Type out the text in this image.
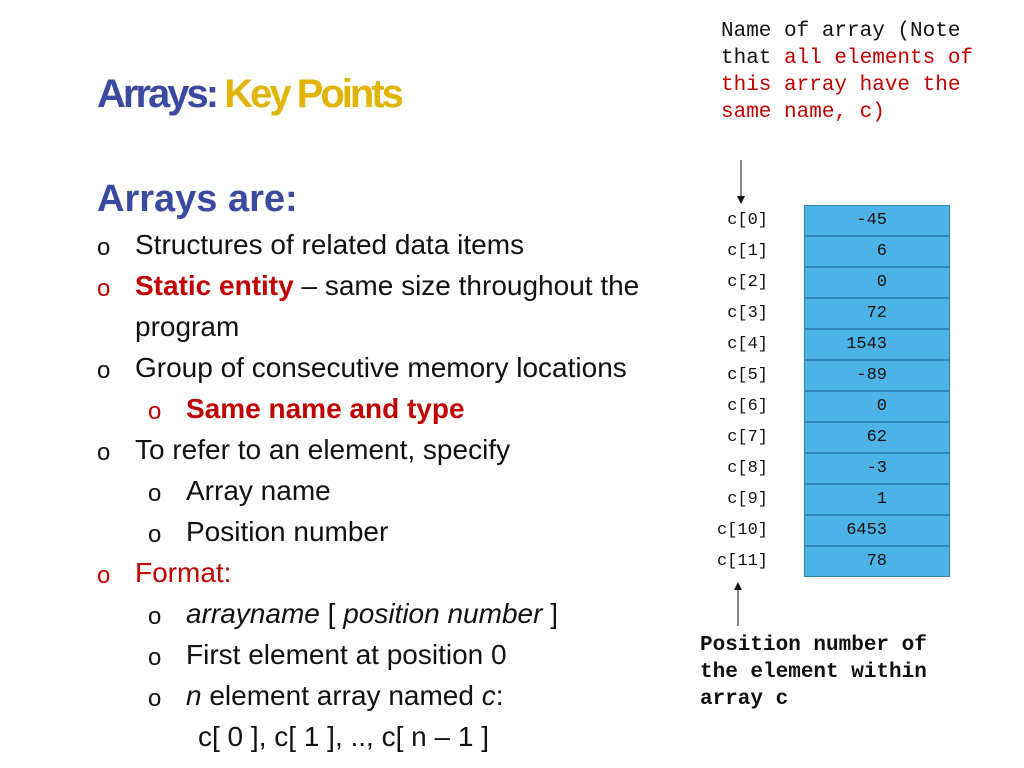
Arrays: Key Points
Arrays are:
o Structures of related data items
o Static entity – same size throughout the
program
o Group of consecutive memory locations
o Same name and type
o To refer to an element, specify
o Array name
o Position number
o Format:
o arrayname [ position number ]
o First element at position 0
o n element array named c:
c[ 0 ], c[ 1 ], .., c[ n – 1 ]
Name of array (Note
that all elements of
this array have the
same name, c)
c[0]
c[1]
c[2]
c[3]
c[4]
c[5]
c[6]
c[7]
c[8]
c[9]
c[10]
c[11]
-45
6
0
72
1543
-89
0
62
-3
1
6453
78
Position number of
the element within
array c
